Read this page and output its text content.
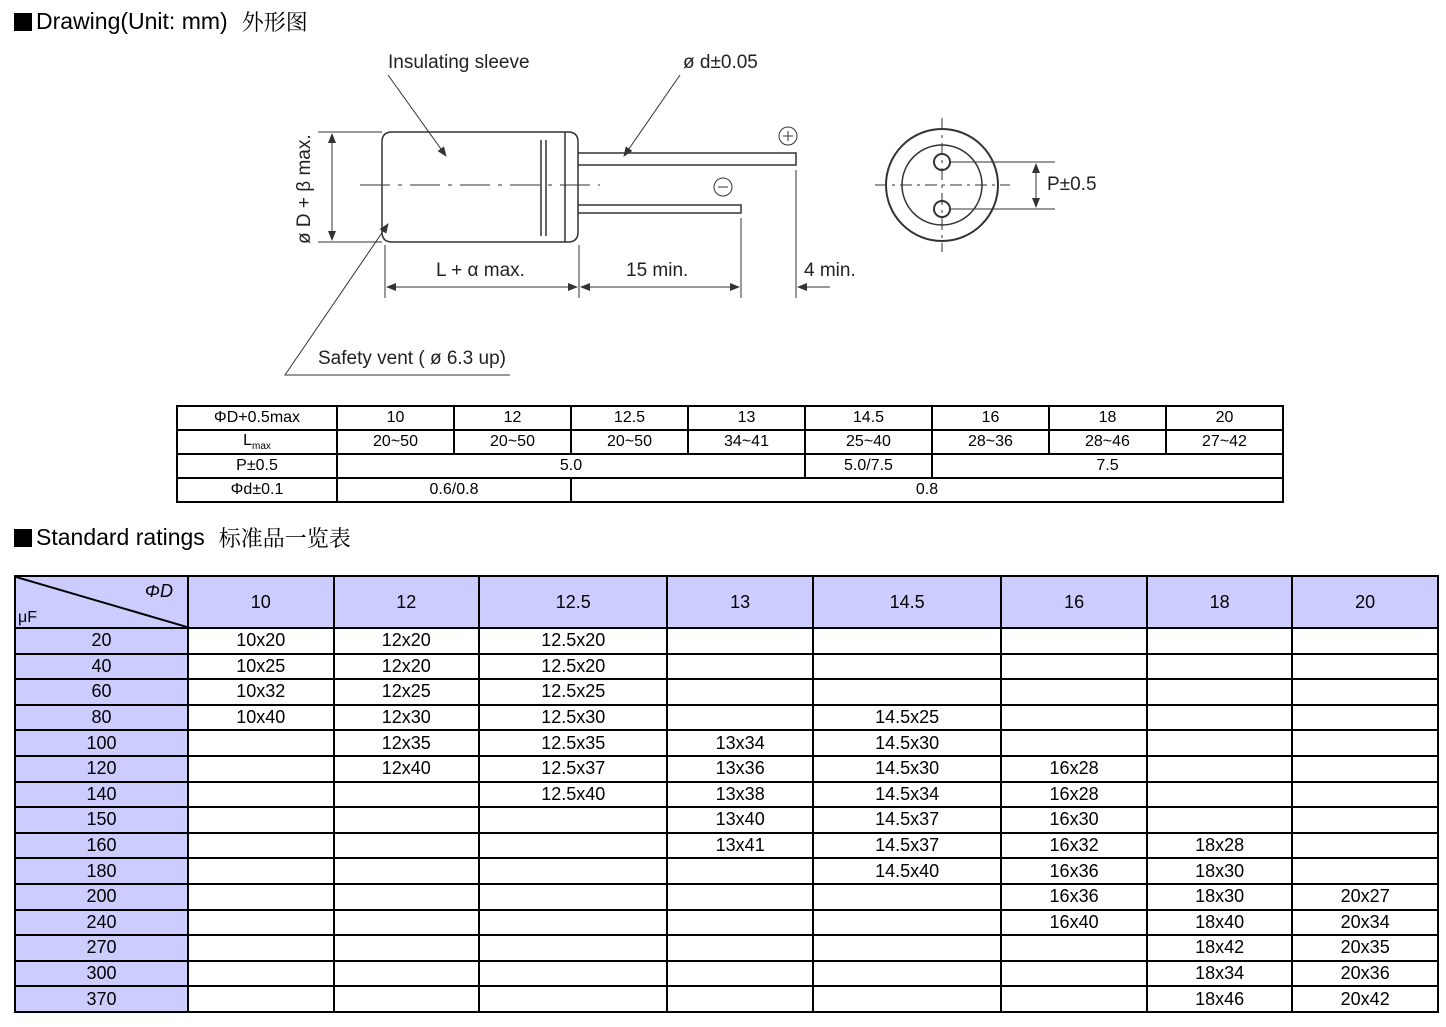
Drawing(Unit: mm) 外形图
Insulating sleeve	ø d±0.05
ø D + β max.
L + α max.	15 min.	4 min.
Safety vent ( ø 6.3 up)
P±0.5
ΦD+0.5max	10	12	12.5	13	14.5	16	18	20
$L_{max}$	20~50	20~50	20~50	34~41	25~40	28~36	28~46	27~42
P±0.5	5.0				5.0/7.5	7.5		
Φd±0.1	0.6/0.8		0.8					
Standard ratings 标准品一览表
ΦD
μF	10	12	12.5	13	14.5	16	18	20
20	10x20	12x20	12.5x20					
40	10x25	12x20	12.5x20					
60	10x32	12x25	12.5x25					
80	10x40	12x30	12.5x30		14.5x25			
100		12x35	12.5x35	13x34	14.5x30			
120		12x40	12.5x37	13x36	14.5x30	16x28		
140			12.5x40	13x38	14.5x34	16x28		
150				13x40	14.5x37	16x30		
160				13x41	14.5x37	16x32	18x28	
180					14.5x40	16x36	18x30	
200						16x36	18x30	20x27
240						16x40	18x40	20x34
270							18x42	20x35
300							18x34	20x36
370							18x46	20x42
